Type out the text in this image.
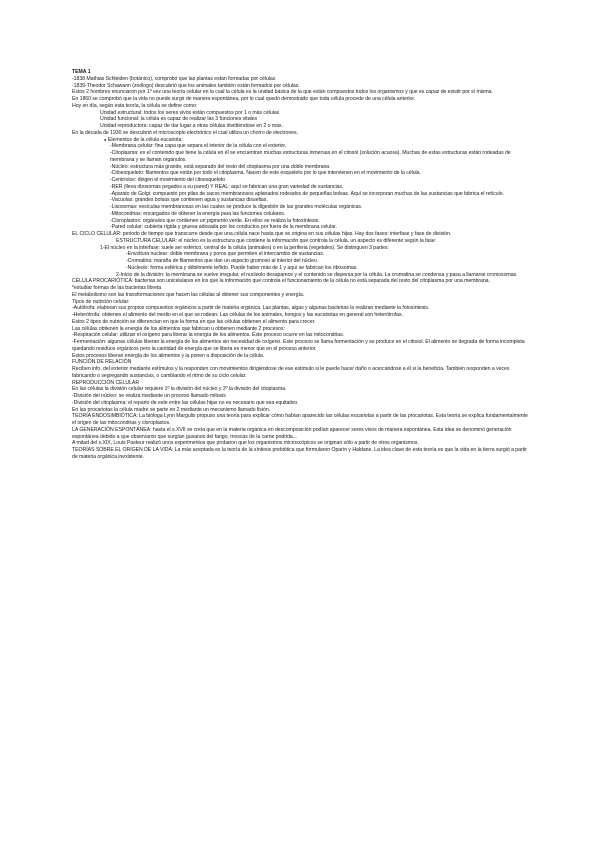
TEMA 1

-1838 Mathias Schleiden (botánico), comprobó que las plantas están formadas por células

-1839-Theodor Schawann (zoólogo) descubrió que los animales también están formados por células.

Estos 2 hombres enunciaron por 1º vez una teoría celular en la cual la célula es la unidad básica de la que están compuestos todos los organismos y que es capaz de existir por sí misma.

En 1860 se comprobó que la vida no puede surgir de manera espontánea, por lo cual quedó demostrado que toda célula procede de una célula anterior.

Hoy en día, según esta teoría, la célula se define como:

Unidad estructural: todos los seres vivos están compuestos por 1 o más células

Unidad funcional: la célula es capaz de realizar las 3 funciones vitales

Unidad reproductora: capaz de dar lugar a otras células dividiéndose en 2 o más.

En la década de 1930 se descubrió el microscopio electrónico el cual utiliza un chorro de electrones.

● Elementos de la célula eucariota:

-Membrana celular: fina capa que separa el interior de la célula con el exterior.

-Citoplasma: es el contenido que tiene la célula en él se encuentran muchas estructuras inmersas en el citosol (solución acuosa). Muchas de estas estructuras están rodeadas de membrana y se llaman orgánulos.

-Núcleo: estructura más grande, está separado del resto del citoplasma por una doble membrana

-Citoesqueleto: filamentos que están por todo el citoplasma. Nacen de este esqueleto por lo que intervienen en el movimiento de la célula.

-Centríolos: dirigen el movimiento del citoesqueleto

-RER (lleva ribosomas pegados a su pared) Y REAL: aquí se fabrican una gran variedad de sustancias.

-Aparato de Golgi: compuesto por pilas de sacos membranosos aplanados rodeados de pequeñas bolsas. Aquí se incorporan muchas de las sustancias que fabrica el retículo.

-Vacuolas: grandes bolsas que contienen agua y sustancias disueltas.

-Lisosomas: vesículas membranosas en las cuales se produce la digestión de las grandes moléculas orgánicas.

-Mitocondrias: encargados de obtener la energía para las funciones celulares.

-Cloroplastos: orgánulos que contienen un pigmento verde. En ellos se realiza la fotosíntesis.

-Pared celular: cubierta rígida y gruesa adosada por los conductos por fuera de la membrana celular.

EL CICLO CELULAR: periodo de tiempo que transcurre desde que una célula nace hasta que se origina en sus células hijas. Hay dos fases: interfase y fase de división.

ESTRUCTURA CELULAR: el núcleo es la estructura que contiene la información que controla la célula, un aspecto es diferente según la fase:

1-El núcleo en la interfase: suele ser esférico, central de la célula (animales) o en la periferia (vegetales). Se distinguen 3 partes:

-Envoltura nuclear: doble membrana y poros que permiten el intercambio de sustancias.

-Cromatina: maraña de filamentos que dan un aspecto grumoso al interior del núcleo.

-Nucleolo: forma esférica y débilmente teñido. Puede haber más de 1 y aquí se fabrican los ribosomas.

2-Inicio de la división: la membrana se vuelve irregular, el nucleolo desaparece y el contenido se dispersa por la célula. La cromatina se condensa y pasa a llamarse cromosomas.

CÉLULA PROCARIÓTICA: bacterias son unicelulares en los que la información que controla el funcionamiento de la célula no está separada del resto del citoplasma por una membrana.

*estudiar formas de las bacterias libreta

El metabolismo son las transformaciones que hacen las células al obtener sus componentes y energía.

Tipos de nutrición celular:

-Autótrofa: elaboran sus propios compuestos orgánicos a partir de materia orgánica. Las plantas, algas y algunas bacterias la realizan mediante la fotosíntesis.

-Heterótrofa: obtienen el alimento del medio en el que se rodean. Las células de los animales, hongos y las eucariotas en general son heterótrofas.

Estos 2 tipos de nutrición se diferencian en que la forma en que las células obtienen el alimento para crecer.

Las células obtienen la energía de los alimentos que fabrican u obtienen mediante 2 procesos:

-Respiración celular: utilizan el oxígeno para liberar la energía de los alimentos. Este proceso ocurre en las mitocondrias.

-Fermentación: algunas células liberan la energía de los alimentos sin necesidad de oxígeno. Este proceso se llama fermentación y se produce en el citosol. El alimento se degrada de forma incompleta quedando residuos orgánicos pero la cantidad de energía que se libera es menor que en el proceso anterior.

Estos procesos liberan energía de los alimentos y la ponen a disposición de la célula.

FUNCIÓN DE RELACIÓN

Reciben info. del exterior mediante estímulos y la responden con movimientos dirigiéndose de ese estímulo si le puede hacer daño o acercándose a él si la beneficia. También responden a veces fabricando o segregando sustancias, o cambiando el ritmo de su ciclo celular.

REPRODUCCIÓN CELULAR

En las células la división celular requiere 1º la división del núcleo y 2º la división del citoplasma.

-División del núcleo: se realiza mediante un proceso llamado mitosis

-División del citoplasma: el reparto de este entre las células hijas no es necesario que sea equitativo.

En las procariotas la célula madre se parte en 2 mediante un mecanismo llamado fisión.

TEORÍA ENDOSIMBIÓTICA: La bióloga Lynn Margulis propuso una teoría para explicar cómo habían aparecido las células eucariotas a partir de las procariotas. Esta teoría se explica fundamentalmente el origen de las mitocondrias y cloroplastos.

LA GENERACIÓN ESPONTÁNEA: hasta el s.XVII se creía que en la materia orgánica en descomposición podían aparecer seres vivos de manera espontánea. Esta idea se denominó generación espontánea debido a que observaron que surgían gusanos del fango, moscas de la carne podrida...

A mitad del s.XIX, Louis Pasteur realizó unos experimentos que probaron que los organismos microscópicos se originan sólo a partir de otros organismos.

TEORÍAS SOBRE EL ORIGEN DE LA VIDA: La más aceptada es la teoría de la síntesis prebiótica que formularon Oparín y Haldane. La idea clave de esta teoría es que la vida en la tierra surgió a partir de materia orgánica inexistente.
